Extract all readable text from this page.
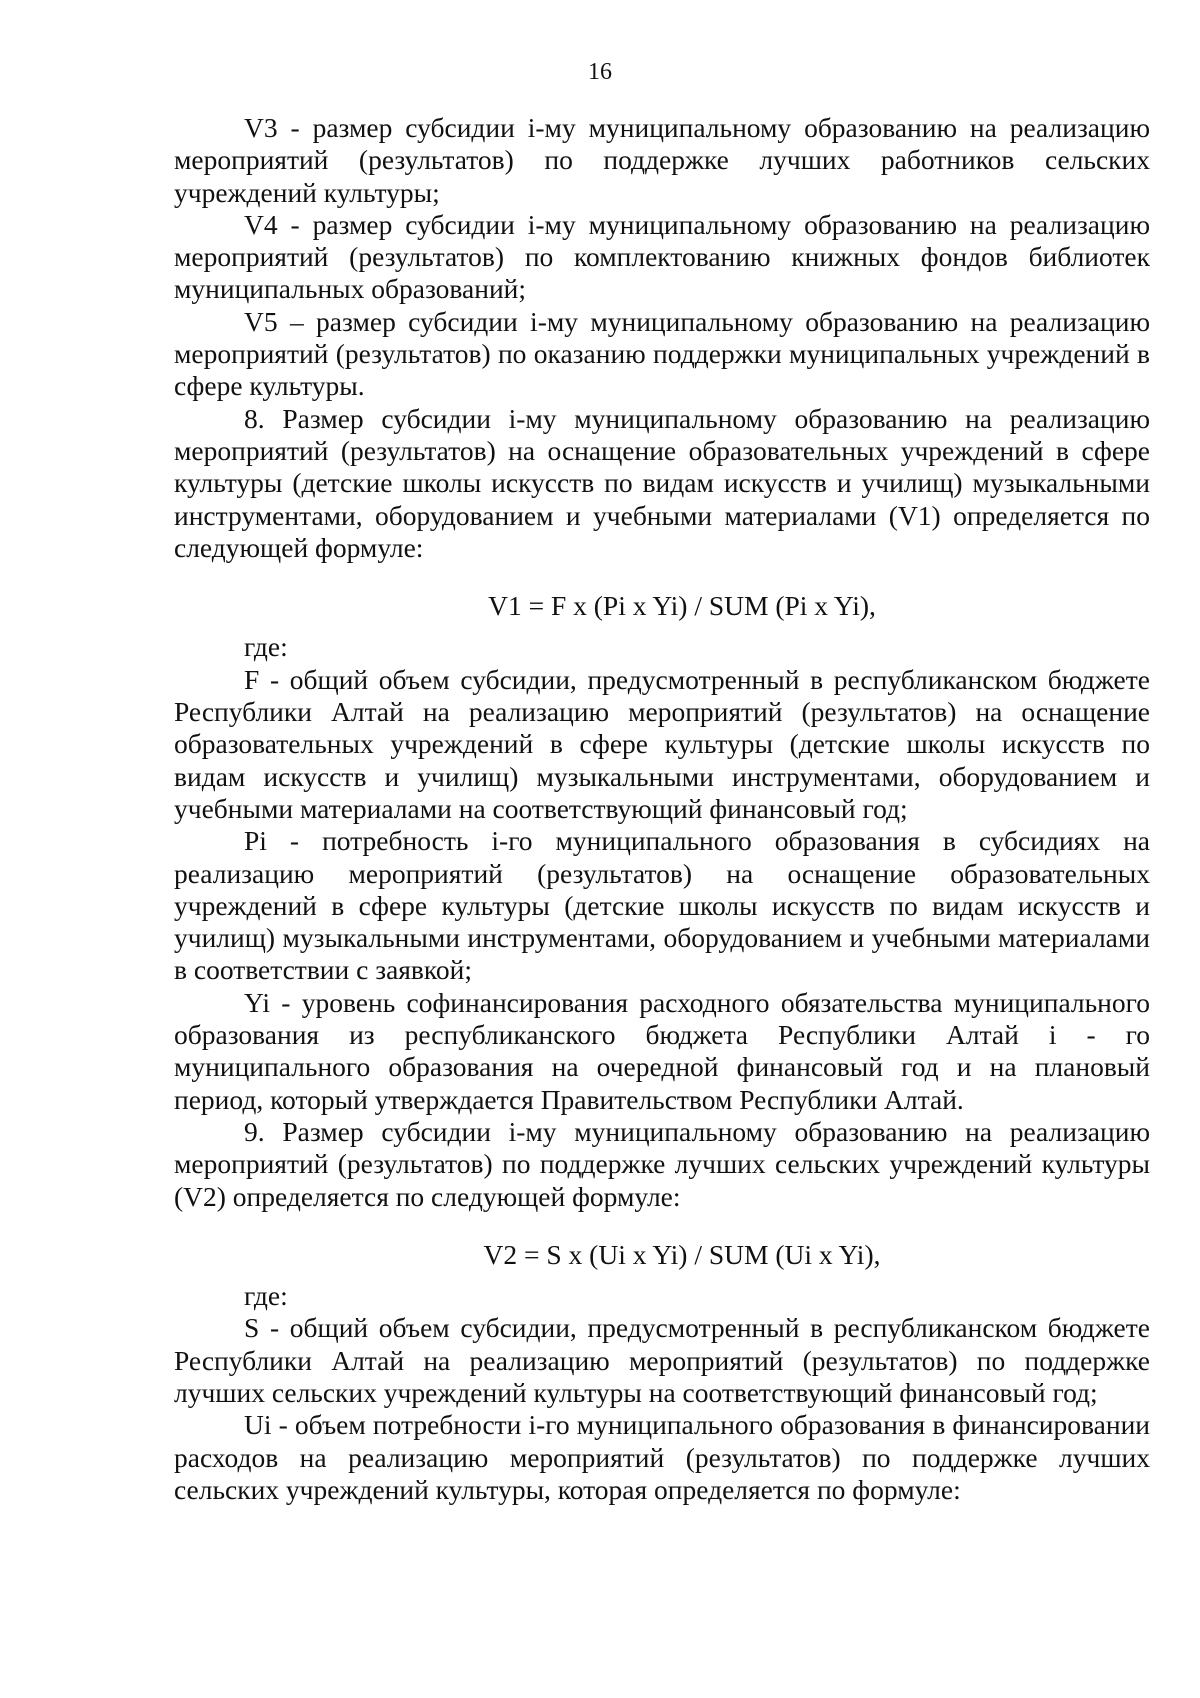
16

V3 - размер субсидии i-му муниципальному образованию на реализацию мероприятий (результатов) по поддержке лучших работников сельских учреждений культуры;

V4 - размер субсидии i-му муниципальному образованию на реализацию мероприятий (результатов) по комплектованию книжных фондов библиотек муниципальных образований;

V5 – размер субсидии i-му муниципальному образованию на реализацию мероприятий (результатов) по оказанию поддержки муниципальных учреждений в сфере культуры.

8. Размер субсидии i-му муниципальному образованию на реализацию мероприятий (результатов) на оснащение образовательных учреждений в сфере культуры (детские школы искусств по видам искусств и училищ) музыкальными инструментами, оборудованием и учебными материалами (V1) определяется по следующей формуле:

V1 = F x (Pi x Yi) / SUM (Pi x Yi),

где:

F - общий объем субсидии, предусмотренный в республиканском бюджете Республики Алтай на реализацию мероприятий (результатов) на оснащение образовательных учреждений в сфере культуры (детские школы искусств по видам искусств и училищ) музыкальными инструментами, оборудованием и учебными материалами на соответствующий финансовый год;

Pi - потребность i-го муниципального образования в субсидиях на реализацию мероприятий (результатов) на оснащение образовательных учреждений в сфере культуры (детские школы искусств по видам искусств и училищ) музыкальными инструментами, оборудованием и учебными материалами в соответствии с заявкой;

Yi - уровень софинансирования расходного обязательства муниципального образования из республиканского бюджета Республики Алтай i - го муниципального образования на очередной финансовый год и на плановый период, который утверждается Правительством Республики Алтай.

9. Размер субсидии i-му муниципальному образованию на реализацию мероприятий (результатов) по поддержке лучших сельских учреждений культуры (V2) определяется по следующей формуле:

V2 = S x (Ui x Yi) / SUM (Ui x Yi),

где:

S - общий объем субсидии, предусмотренный в республиканском бюджете Республики Алтай на реализацию мероприятий (результатов) по поддержке лучших сельских учреждений культуры на соответствующий финансовый год;

Ui - объем потребности i-го муниципального образования в финансировании расходов на реализацию мероприятий (результатов) по поддержке лучших сельских учреждений культуры, которая определяется по формуле:
